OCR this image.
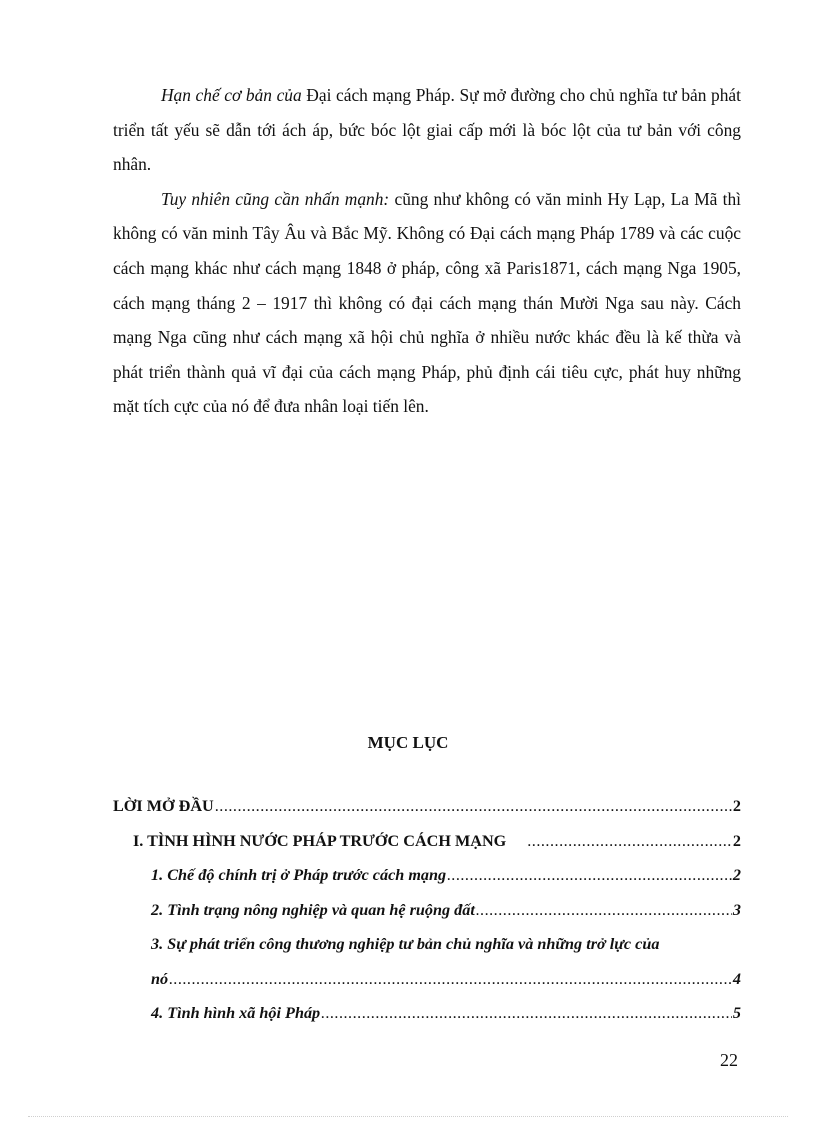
Hạn chế cơ bản của Đại cách mạng Pháp. Sự mở đường cho chủ nghĩa tư bản phát triển tất yếu sẽ dẫn tới ách áp, bức bóc lột giai cấp mới là bóc lột của tư bản với công nhân.

Tuy nhiên cũng cần nhấn mạnh: cũng như không có văn minh Hy Lạp, La Mã thì không có văn minh Tây Âu và Bắc Mỹ. Không có Đại cách mạng Pháp 1789 và các cuộc cách mạng khác như cách mạng 1848 ở pháp, công xã Paris1871, cách mạng Nga 1905, cách mạng tháng 2 – 1917 thì không có đại cách mạng thán Mười Nga sau này. Cách mạng Nga cũng như cách mạng xã hội chủ nghĩa ở nhiều nước khác đều là kế thừa và phát triển thành quả vĩ đại của cách mạng Pháp, phủ định cái tiêu cực, phát huy những mặt tích cực của nó để đưa nhân loại tiến lên.

MỤC LỤC
LỜI MỞ ĐẦU .....	2
I. TÌNH HÌNH NƯỚC PHÁP TRƯỚC CÁCH MẠNG .....	2
1. Chế độ chính trị ở Pháp trước cách mạng .....	2
2. Tình trạng nông nghiệp và quan hệ ruộng đất .....	3
3. Sự phát triển công thương nghiệp tư bản chủ nghĩa và những trở lực của
nó .....	4
4. Tình hình xã hội Pháp .....	5
22
